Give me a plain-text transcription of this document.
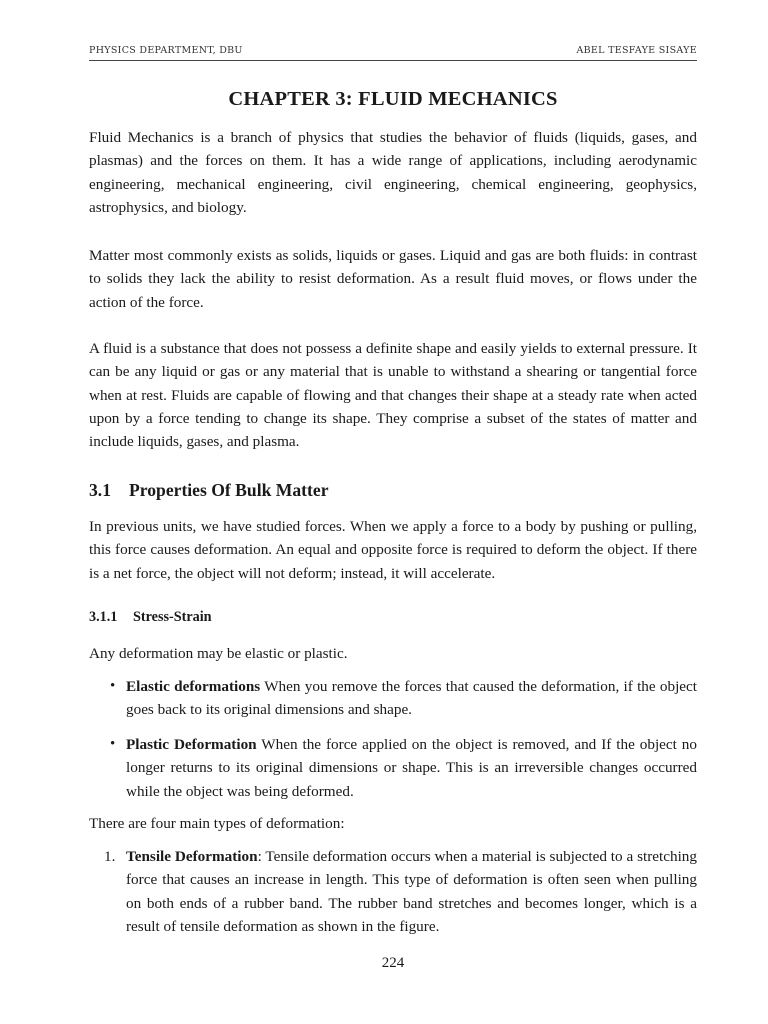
PHYSICS DEPARTMENT, DBU	ABEL TESFAYE SISAYE
CHAPTER 3: FLUID MECHANICS

Fluid Mechanics is a branch of physics that studies the behavior of fluids (liquids, gases, and plasmas) and the forces on them. It has a wide range of applications, including aerodynamic engineering, mechanical engineering, civil engineering, chemical engineering, geophysics, astrophysics, and biology.

Matter most commonly exists as solids, liquids or gases. Liquid and gas are both fluids: in contrast to solids they lack the ability to resist deformation. As a result fluid moves, or flows under the action of the force.

A fluid is a substance that does not possess a definite shape and easily yields to external pressure. It can be any liquid or gas or any material that is unable to withstand a shearing or tangential force when at rest. Fluids are capable of flowing and that changes their shape at a steady rate when acted upon by a force tending to change its shape. They comprise a subset of the states of matter and include liquids, gases, and plasma.

3.1 Properties Of Bulk Matter

In previous units, we have studied forces. When we apply a force to a body by pushing or pulling, this force causes deformation. An equal and opposite force is required to deform the object. If there is a net force, the object will not deform; instead, it will accelerate.

3.1.1 Stress-Strain

Any deformation may be elastic or plastic.

• Elastic deformations When you remove the forces that caused the deformation, if the object goes back to its original dimensions and shape.

• Plastic Deformation When the force applied on the object is removed, and If the object no longer returns to its original dimensions or shape. This is an irreversible changes occurred while the object was being deformed.

There are four main types of deformation:

1. Tensile Deformation: Tensile deformation occurs when a material is subjected to a stretching force that causes an increase in length. This type of deformation is often seen when pulling on both ends of a rubber band. The rubber band stretches and becomes longer, which is a result of tensile deformation as shown in the figure.

224
